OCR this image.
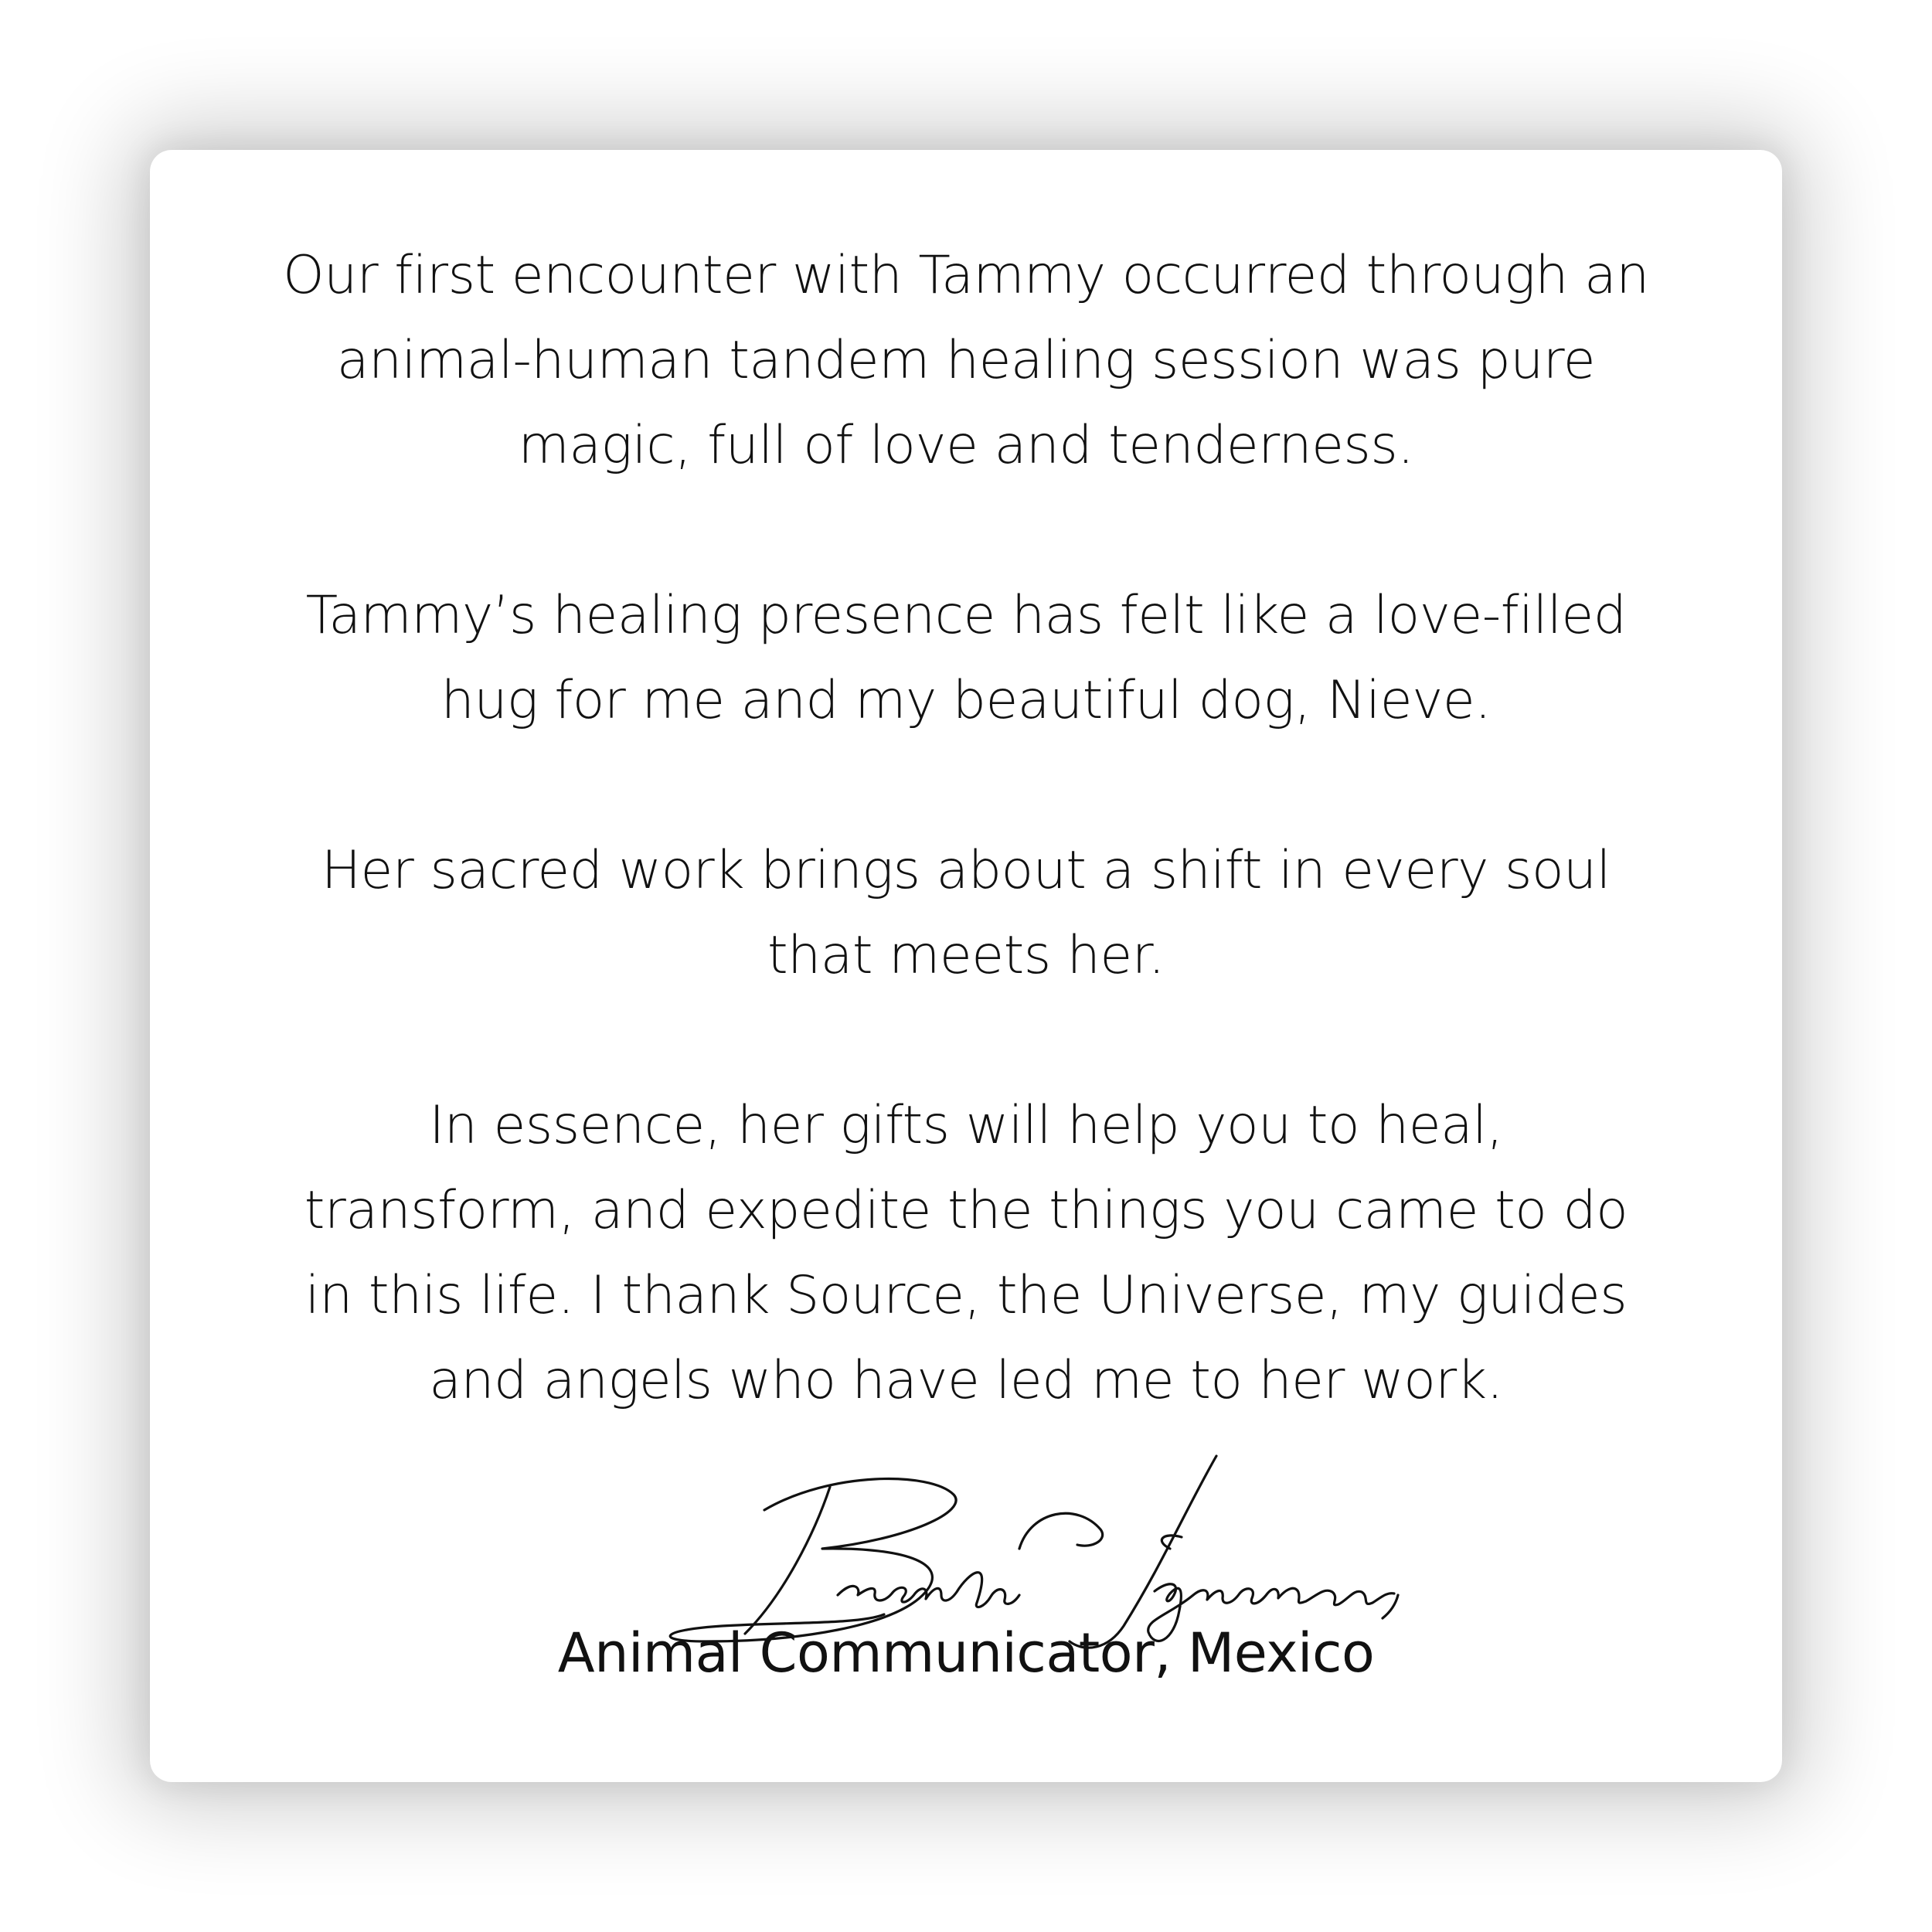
Our first encounter with Tammy occurred through an
animal-human tandem healing session was pure
magic, full of love and tenderness.

Tammy’s healing presence has felt like a love-filled
hug for me and my beautiful dog, Nieve.

Her sacred work brings about a shift in every soul
that meets her.

In essence, her gifts will help you to heal,
transform, and expedite the things you came to do
in this life. I thank Source, the Universe, my guides
and angels who have led me to her work.

Animal Communicator, Mexico
